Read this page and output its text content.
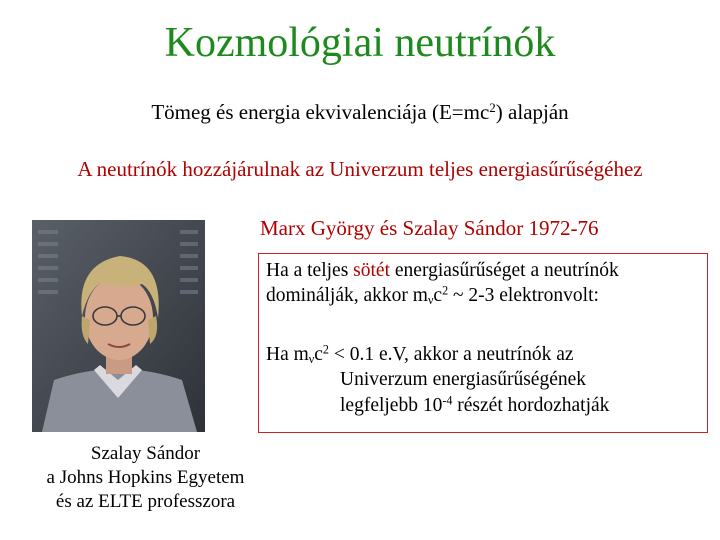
Kozmológiai neutrínók
Tömeg és energia ekvivalenciája $(E=mc^2)$ alapján
A neutrínók hozzájárulnak az Univerzum teljes energiasűrűségéhez
Marx György és Szalay Sándor 1972-76
Szalay Sándor
a Johns Hopkins Egyetem
és az ELTE professzora
Ha a teljes sötét energiasűrűséget a neutrínók
dominálják, akkor $m_\nu c^2$ ~ 2-3 elektronvolt:
Ha $m_\nu c^2 < 0.1$ e.V, akkor a neutrínók az
Univerzum energiasűrűségének
legfeljebb $10^{-4}$ részét hordozhatják
